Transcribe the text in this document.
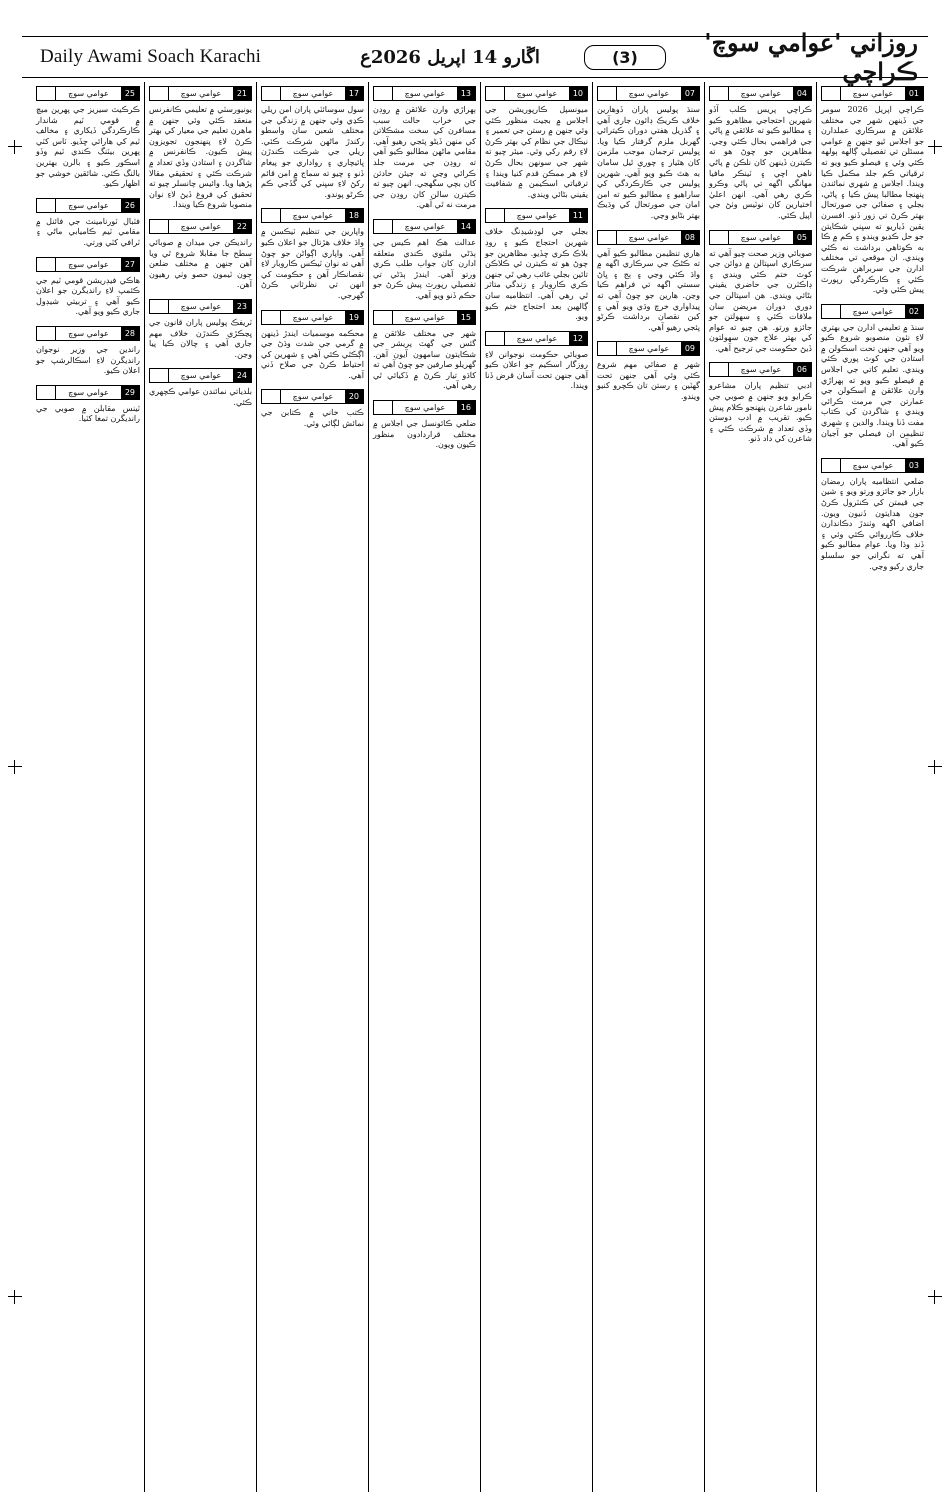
Daily Awami Soach Karachi	اڱارو 14 اپريل 2026ع	(3)	روزاني 'عوامي سوچ' ڪراچي
01
عوامي سوچ

ڪراچي اپريل 2026 سومر جي ڏينهن شهر جي مختلف علائقن ۾ سرڪاري عملدارن جو اجلاس ٿيو جنهن ۾ عوامي مسئلن تي تفصيلي ڳالهه ٻولهه ڪئي وئي ۽ فيصلو ڪيو ويو ته ترقياتي ڪم جلد مڪمل ڪيا ويندا. اجلاس ۾ شهري نمائندن پنهنجا مطالبا پيش ڪيا ۽ پاڻي، بجلي ۽ صفائي جي صورتحال بهتر ڪرڻ تي زور ڏنو. افسرن يقين ڏياريو ته سڀني شڪايتن جو حل ڪڍيو ويندو ۽ ڪم ۾ ڪا به ڪوتاهي برداشت نه ڪئي ويندي. ان موقعي تي مختلف ادارن جي سربراهن شرڪت ڪئي ۽ ڪارڪردگي رپورٽ پيش ڪئي وئي.

02
عوامي سوچ

سنڌ ۾ تعليمي ادارن جي بهتري لاءِ نئون منصوبو شروع ڪيو ويو آهي جنهن تحت اسڪولن ۾ استادن جي کوٽ پوري ڪئي ويندي. تعليم کاتي جي اجلاس ۾ فيصلو ڪيو ويو ته ٻهراڙي وارن علائقن ۾ اسڪولن جي عمارتن جي مرمت ڪرائي ويندي ۽ شاگردن کي ڪتاب مفت ڏنا ويندا. والدين ۽ شهري تنظيمن ان فيصلي جو آجيان ڪيو آهي.

03
عوامي سوچ

ضلعي انتظاميه پاران رمضان بازار جو جائزو ورتو ويو ۽ شين جي قيمتن کي ڪنٽرول ڪرڻ جون هدايتون ڏنيون ويون. اضافي اگهه وٺندڙ دڪاندارن خلاف ڪارروائي ڪئي وئي ۽ ڏنڊ وڌا ويا. عوام مطالبو ڪيو آهي ته نگراني جو سلسلو جاري رکيو وڃي.

04
عوامي سوچ

ڪراچي پريس ڪلب آڏو شهرين احتجاجي مظاهرو ڪيو ۽ مطالبو ڪيو ته علائقي ۾ پاڻي جي فراهمي بحال ڪئي وڃي. مظاهرين جو چوڻ هو ته ڪيترن ڏينهن کان نلڪن ۾ پاڻي ناهي اچي ۽ ٽينڪر مافيا مهانگي اگهه تي پاڻي وڪرو ڪري رهي آهي. انهن اعليٰ اختيارين کان نوٽيس وٺڻ جي اپيل ڪئي.

05
عوامي سوچ

صوبائي وزير صحت چيو آهي ته سرڪاري اسپتالن ۾ دوائن جي کوٽ ختم ڪئي ويندي ۽ ڊاڪٽرن جي حاضري يقيني بڻائي ويندي. هن اسپتالن جي دوري دوران مريضن سان ملاقات ڪئي ۽ سهولتن جو جائزو ورتو. هن چيو ته عوام کي بهتر علاج جون سهولتون ڏيڻ حڪومت جي ترجيح آهي.

06
عوامي سوچ

ادبي تنظيم پاران مشاعرو ڪرايو ويو جنهن ۾ صوبي جي نامور شاعرن پنهنجو ڪلام پيش ڪيو. تقريب ۾ ادب دوستن وڏي تعداد ۾ شرڪت ڪئي ۽ شاعرن کي داد ڏنو.

07
عوامي سوچ

سنڌ پوليس پاران ڏوهارين خلاف ڪريڪ ڊائون جاري آهي ۽ گذريل هفتي دوران ڪيترائي گهربل ملزم گرفتار ڪيا ويا. پوليس ترجمان موجب ملزمن کان هٿيار ۽ چوري ٿيل سامان به هٿ ڪيو ويو آهي. شهرين پوليس جي ڪارڪردگي کي ساراهيو ۽ مطالبو ڪيو ته امن امان جي صورتحال کي وڌيڪ بهتر بڻايو وڃي.

08
عوامي سوچ

هاري تنظيمن مطالبو ڪيو آهي ته ڪڻڪ جي سرڪاري اگهه ۾ واڌ ڪئي وڃي ۽ ٻج ۽ ڀاڻ سستي اگهه تي فراهم ڪيا وڃن. هارين جو چوڻ آهي ته پيداواري خرچ وڌي ويو آهي ۽ کين نقصان برداشت ڪرڻو پئجي رهيو آهي.

09
عوامي سوچ

شهر ۾ صفائي مهم شروع ڪئي وئي آهي جنهن تحت گهٽين ۽ رستن تان ڪچرو کنيو ويندو.

10
عوامي سوچ

ميونسپل ڪارپوريشن جي اجلاس ۾ بجيٽ منظور ڪئي وئي جنهن ۾ رستن جي تعمير ۽ نيڪال جي نظام کي بهتر ڪرڻ لاءِ رقم رکي وئي. ميئر چيو ته شهر جي سونهن بحال ڪرڻ لاءِ هر ممڪن قدم کنيا ويندا ۽ ترقياتي اسڪيمن ۾ شفافيت يقيني بڻائي ويندي.

11
عوامي سوچ

بجلي جي لوڊشيڊنگ خلاف شهرين احتجاج ڪيو ۽ روڊ بلاڪ ڪري ڇڏيو. مظاهرين جو چوڻ هو ته ڪيترن ئي ڪلاڪن تائين بجلي غائب رهي ٿي جنهن ڪري ڪاروبار ۽ زندگي متاثر ٿي رهي آهي. انتظاميه سان ڳالهين بعد احتجاج ختم ڪيو ويو.

12
عوامي سوچ

صوبائي حڪومت نوجوانن لاءِ روزگار اسڪيم جو اعلان ڪيو آهي جنهن تحت آسان قرض ڏنا ويندا.

13
عوامي سوچ

ٻهراڙي وارن علائقن ۾ روڊن جي خراب حالت سبب مسافرن کي سخت مشڪلاتن کي منهن ڏيڻو پئجي رهيو آهي. مقامي ماڻهن مطالبو ڪيو آهي ته روڊن جي مرمت جلد ڪرائي وڃي ته جيئن حادثن کان بچي سگهجي. انهن چيو ته ڪيترن سالن کان روڊن جي مرمت نه ٿي آهي.

14
عوامي سوچ

عدالت هڪ اهم ڪيس جي ٻڌڻي ملتوي ڪندي متعلقه ادارن کان جواب طلب ڪري ورتو آهي. ايندڙ ٻڌڻي تي تفصيلي رپورٽ پيش ڪرڻ جو حڪم ڏنو ويو آهي.

15
عوامي سوچ

شهر جي مختلف علائقن ۾ گئس جي گهٽ پريشر جي شڪايتون سامهون آيون آهن. گهريلو صارفين جو چوڻ آهي ته کاڌو تيار ڪرڻ ۾ ڏکيائي ٿي رهي آهي.

16
عوامي سوچ

ضلعي ڪائونسل جي اجلاس ۾ مختلف قراردادون منظور ڪيون ويون.

17
عوامي سوچ

سول سوسائٽي پاران امن ريلي ڪڍي وئي جنهن ۾ زندگي جي مختلف شعبن سان واسطو رکندڙ ماڻهن شرڪت ڪئي. ريلي جي شرڪت ڪندڙن ڀائيچاري ۽ رواداري جو پيغام ڏنو ۽ چيو ته سماج ۾ امن قائم رکڻ لاءِ سڀني کي گڏجي ڪم ڪرڻو پوندو.

18
عوامي سوچ

واپارين جي تنظيم ٽيڪسن ۾ واڌ خلاف هڙتال جو اعلان ڪيو آهي. واپاري اڳواڻن جو چوڻ آهي ته نوان ٽيڪس ڪاروبار لاءِ نقصانڪار آهن ۽ حڪومت کي انهن تي نظرثاني ڪرڻ گهرجي.

19
عوامي سوچ

محڪمه موسميات ايندڙ ڏينهن ۾ گرمي جي شدت وڌڻ جي اڳڪٿي ڪئي آهي ۽ شهرين کي احتياط ڪرڻ جي صلاح ڏني آهي.

20
عوامي سوچ

ڪتب خاني ۾ ڪتابن جي نمائش لڳائي وئي.

21
عوامي سوچ

يونيورسٽي ۾ تعليمي ڪانفرنس منعقد ڪئي وئي جنهن ۾ ماهرن تعليم جي معيار کي بهتر ڪرڻ لاءِ پنهنجون تجويزون پيش ڪيون. ڪانفرنس ۾ شاگردن ۽ استادن وڏي تعداد ۾ شرڪت ڪئي ۽ تحقيقي مقالا پڙهيا ويا. وائيس چانسلر چيو ته تحقيق کي فروغ ڏيڻ لاءِ نوان منصوبا شروع ڪيا ويندا.

22
عوامي سوچ

رانديڪن جي ميدان ۾ صوبائي سطح جا مقابلا شروع ٿي ويا آهن جنهن ۾ مختلف ضلعن جون ٽيمون حصو وٺي رهيون آهن.

23
عوامي سوچ

ٽريفڪ پوليس پاران قانون جي ڀڃڪڙي ڪندڙن خلاف مهم جاري آهي ۽ چالان ڪيا پيا وڃن.

24
عوامي سوچ

بلدياتي نمائندن عوامي ڪچهري ڪئي.

25
عوامي سوچ

ڪرڪيٽ سيريز جي پهرين ميچ ۾ قومي ٽيم شاندار ڪارڪردگي ڏيکاري ۽ مخالف ٽيم کي هارائي ڇڏيو. ٽاس کٽي پهرين بيٽنگ ڪندي ٽيم وڏو اسڪور ڪيو ۽ بالرن بهترين بالنگ ڪئي. شائقين خوشي جو اظهار ڪيو.

26
عوامي سوچ

فٽبال ٽورنامينٽ جي فائنل ۾ مقامي ٽيم ڪاميابي ماڻي ۽ ٽرافي کٽي ورتي.

27
عوامي سوچ

هاڪي فيڊريشن قومي ٽيم جي ڪئمپ لاءِ رانديگرن جو اعلان ڪيو آهي ۽ تربيتي شيڊول جاري ڪيو ويو آهي.

28
عوامي سوچ

راندين جي وزير نوجوان رانديگرن لاءِ اسڪالرشپ جو اعلان ڪيو.

29
عوامي سوچ

ٽينس مقابلن ۾ صوبي جي رانديگرن تمغا کٽيا.
